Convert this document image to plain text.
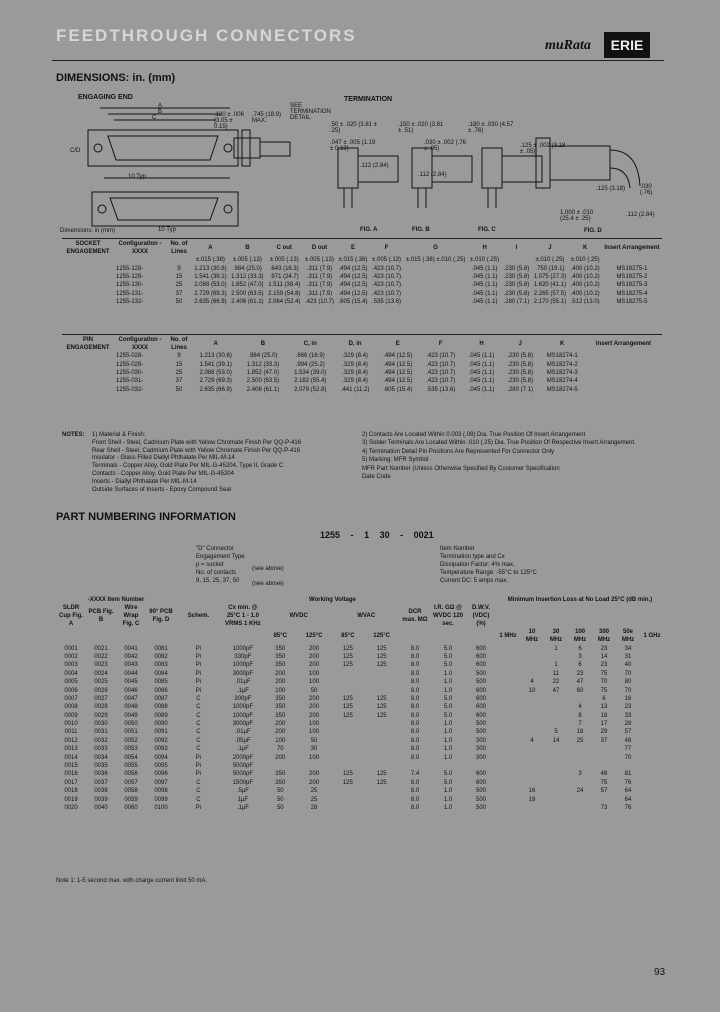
FEEDTHROUGH CONNECTORS
muRata	ERIE
DIMENSIONS: in. (mm)
ENGAGING END	TERMINATION
SEE TERMINATION DETAIL
.120 ± .006 (3.05 ± 0.15)
.745 (18.9) MAX.
10 Typ
10 Typ
Dimensions: in (mm)
A
B
C
C/D
.50 ± .020 (3.81 ± .25)
.150 ± .020 (3.81 ± .51)
.180 ± .030 (4.57 ± .76)
.125 ± .002 (3.18 ± .05)
1.000 ± .010 (25.4 ± .25)
.047 ± .005 (1.19 ± 0.13)
.112 (2.84)
.030 ± .002 (.76 ± .05)
.112 (2.84)
.125 (3.18)
.112 (2.84)
.030 (.76)
FIG. A	FIG. B	FIG. C	FIG. D
SOCKET ENGAGEMENT	Configuration -XXXX	No. of Lines	A	B	C out	D out	E	F	G	H	I	J	K	Insert Arrangement
			±.015 (.38)	±.005 (.13)	±.005 (.13)	±.005 (.13)	±.015 (.38)	±.005 (.13)	±.015 (.38) ±.010 (.25)	±.010 (.25)		±.010 (.25)	±.010 (.25)	
	1255-128-	9	1.213 (30.8)	.984 (25.0)	.643 (16.3)	.311 (7.9)	.494 (12.5)	.423 (10.7)		.045 (1.1)	.230 (5.8)	.750 (19.1)	.400 (10.2)	MS18275-1
	1255-129-	15	1.541 (39.1)	1.312 (33.3)	.971 (24.7)	.311 (7.9)	.494 (12.5)	.423 (10.7)		.045 (1.1)	.230 (5.8)	1.075 (27.3)	.400 (10.2)	MS18275-2
	1255-130-	25	2.088 (53.0)	1.852 (47.0)	1.511 (38.4)	.311 (7.9)	.494 (12.5)	.423 (10.7)		.045 (1.1)	.230 (5.8)	1.620 (41.1)	.400 (10.2)	MS18275-3
	1255-131-	37	2.729 (69.3)	2.500 (63.5)	2.159 (54.8)	.311 (7.9)	.494 (12.5)	.423 (10.7)		.045 (1.1)	.230 (5.8)	2.265 (57.5)	.400 (10.2)	MS18275-4
	1255-132-	50	2.635 (66.9)	2.406 (61.1)	2.064 (52.4)	.423 (10.7)	.605 (15.4)	.535 (13.6)		.045 (1.1)	.280 (7.1)	2.170 (55.1)	.512 (13.0)	MS18275-5
PIN ENGAGEMENT	Configuration -XXXX	No. of Lines	A	B	C, in	D, in	E	F	H	J	K	Insert Arrangement
	1255-028-	9	1.213 (30.8)	.984 (25.0)	.666 (16.9)	.329 (8.4)	.494 (12.5)	.423 (10.7)	.045 (1.1)	.230 (5.8)	MS18274-1	
	1255-029-	15	1.541 (39.1)	1.312 (33.3)	.994 (25.2)	.329 (8.4)	.494 (12.5)	.423 (10.7)	.045 (1.1)	.230 (5.8)	MS18274-2	
	1255-030-	25	2.088 (53.0)	1.852 (47.0)	1.534 (39.0)	.329 (8.4)	.494 (12.5)	.423 (10.7)	.045 (1.1)	.230 (5.8)	MS18274-3	
	1255-031-	37	2.729 (69.3)	2.500 (63.5)	2.182 (55.4)	.329 (8.4)	.494 (12.5)	.423 (10.7)	.045 (1.1)	.230 (5.8)	MS18274-4	
	1255-032-	50	2.635 (66.9)	2.406 (61.1)	2.079 (52.8)	.441 (11.2)	.605 (15.4)	.535 (13.6)	.045 (1.1)	.280 (7.1)	MS18274-5	
NOTES: 1) Material & Finish:
Front Shell - Steel, Cadmium Plate with Yellow Chromate Finish Per QQ-P-416
Rear Shell - Steel, Cadmium Plate with Yellow Chromate Finish Per QQ-P-416
Insulator - Glass Filled Diallyl Phthalate Per MIL-M-14
Terminals - Copper Alloy, Gold Plate Per MIL-G-45204, Type II, Grade C
Contacts - Copper Alloy, Gold Plate Per MIL-G-45204
Inserts - Diallyl Phthalate Per MIL-M-14
Outside Surfaces of Inserts - Epoxy Compound Seal
2) Contacts Are Located Within 0.003 (.08) Dia. True Position Of Insert Arrangement
3) Solder Terminals Are Located Within .010 (.25) Dia. True Position Of Respective Insert Arrangement.
4) Termination Detail Pin Positions Are Represented For Connector Only
5) Marking: MFR Symbol
MFR Part Number (Unless Otherwise Specified By Customer Specification
Date Code
PART NUMBERING INFORMATION
1255 - 1 30 - 0021
"D" Connector
Engagement Type
p = socket
No. of contacts
9, 15, 25, 37, 50
(see above)
(see above)
Item Number
Termination type and Cx
Dissipation Factor: 4% max.
Temperature Range: -55°C to 125°C
Current DC: 5 amps max.
-XXXX Item Number						Working Voltage							Minimum Insertion Loss at No Load 25°C (dB min.)						
SLDR Cup Fig. A	PCB Fig. B	Wire Wrap Fig. C	90° PCB Fig. D	Schem.	Cx min. @ 25°C 1 - 1.0 VRMS 1 KHz	WVDC		WVAC		DCR max. MΩ	I.R. GΩ @ WVDC 120 sec.	D.W.V. (VDC) (%)							
						85°C	125°C	85°C	125°C				1 MHz	10 MHz	30 MHz	100 MHz	300 MHz	50e MHz	1 GHz
0001	0021	0041	0081	Pi	1000pF	350	200	125	125	8.0	5.0	600			1	6	23	34	
0002	0022	0042	0082	Pi	330pF	350	200	125	125	8.0	5.0	600				3	14	31	
0003	0023	0043	0083	Pi	1000pF	350	200	125	125	8.0	5.0	600			1	6	23	40	
0004	0024	0044	0084	Pi	3000pF	200	100			8.0	1.0	500			11	23	75	70	
0005	0025	0045	0085	Pi	.01µF	200	100			8.0	1.0	500		4	22	47	70	80	
0006	0026	0046	0086	Pi	.1µF	100	50			8.0	1.0	600		10	47	60	75	70	
0007	0027	0047	0087	C	300pF	350	200	125	125	8.0	5.0	600					6	16	
0008	0028	0048	0088	C	1000pF	350	200	125	125	8.0	5.0	600				4	13	23	
0009	0029	0049	0089	C	1000pF	350	200	125	125	8.0	5.0	600				8	18	33	
0010	0030	0050	0090	C	3000pF	200	100			8.0	1.0	500				7	17	28	
0011	0031	0051	0091	C	.01µF	200	100			8.0	1.0	500			5	18	29	57	
0012	0032	0052	0092	C	.05µF	100	50			8.0	1.0	300		4	14	25	37	48	
0013	0033	0053	0093	C	.1µF	70	30			8.0	1.0	300						77	
0014	0034	0054	0094	Pi	2000pF	200	100			8.0	1.0	300						70	
0015	0035	0055	0095	Pi	5000pF														
0016	0036	0056	0096	Pi	5000pF	350	200	125	125	7.4	5.0	600				3	48	81	
0017	0037	0057	0097	C	1500pF	350	200	125	125	8.0	5.0	600					75	76	
0018	0038	0058	0098	C	.5µF	50	25			8.0	1.0	500		16		24	57	64	
0019	0039	0059	0099	C	1µF	50	25			8.0	1.0	500		19				64	
0020	0040	0060	0100	Pi	.1µF	50	28			8.0	1.0	500					73	76	
Note 1: 1-5 second max. with charge current limit 50 mA.
93
